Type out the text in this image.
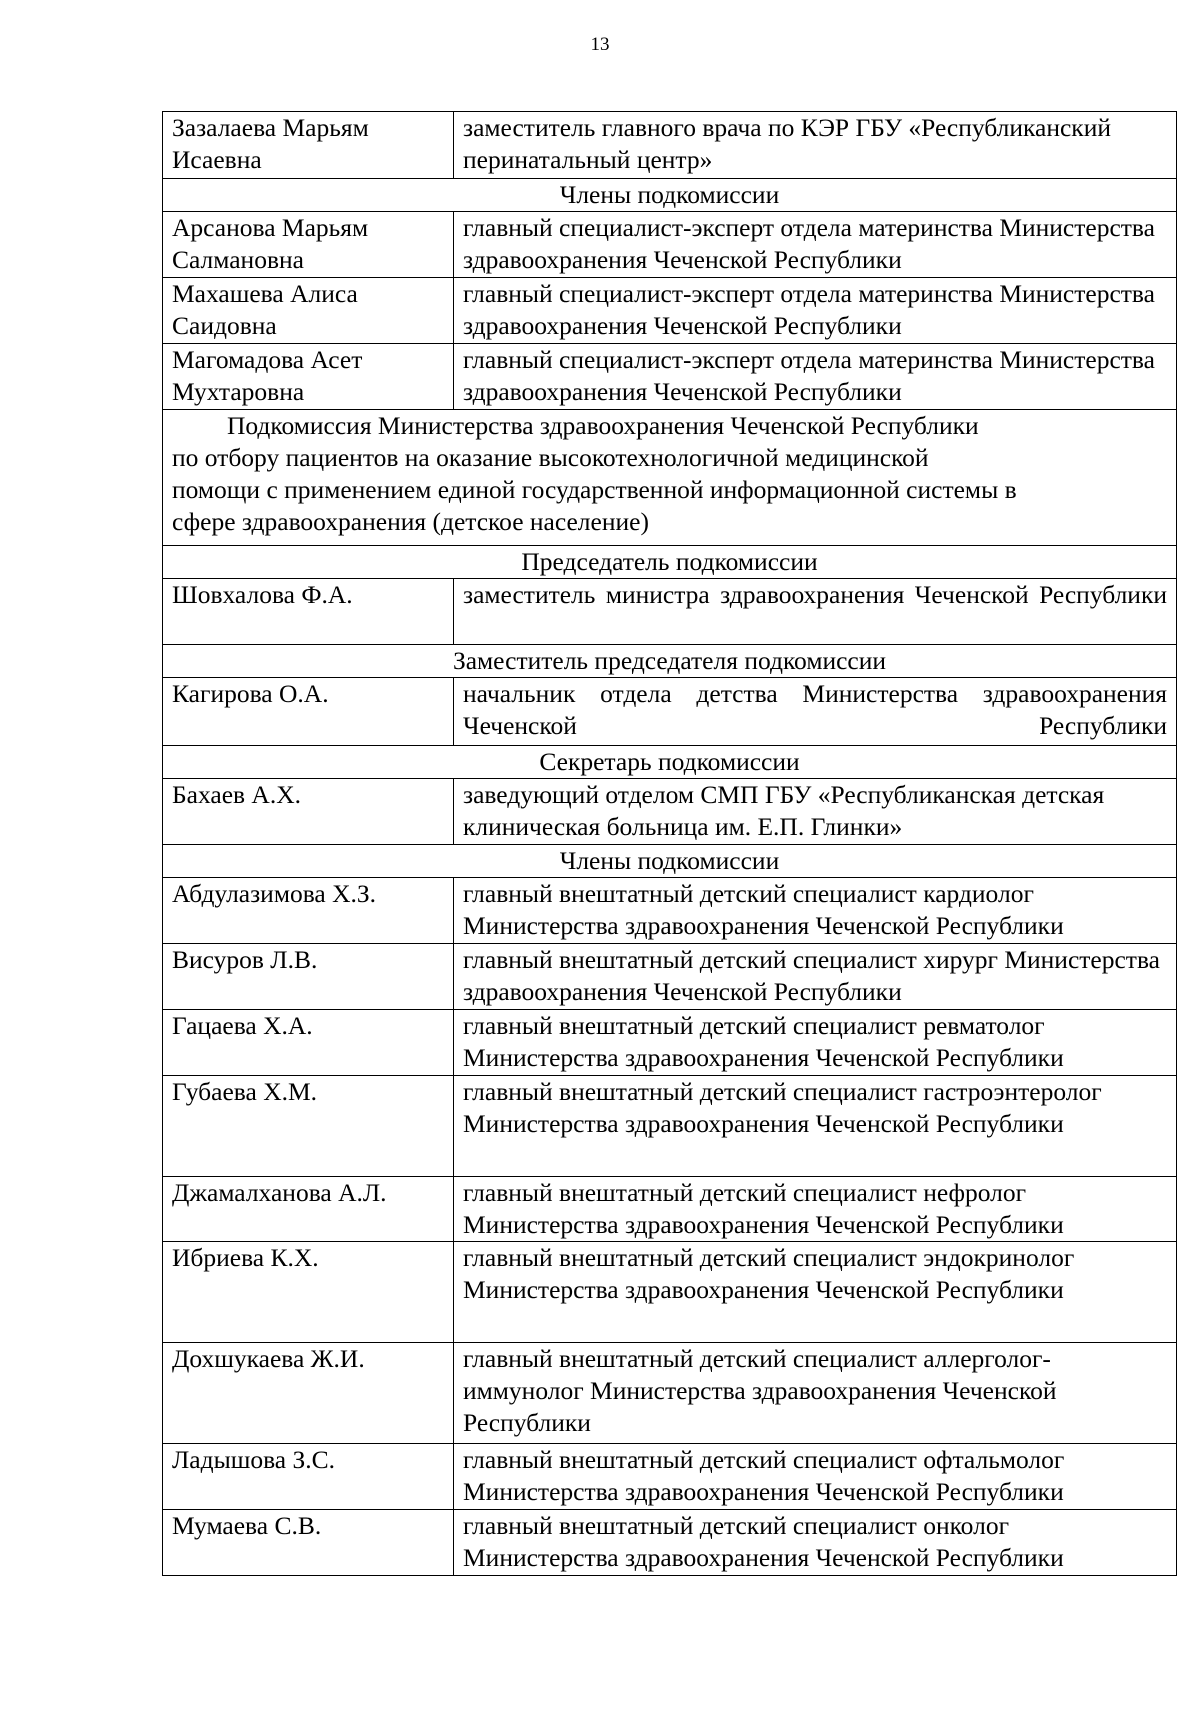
13
Зазалаева Марьям Исаевна	заместитель главного врача по КЭР ГБУ «Республиканский перинатальный центр»
Члены подкомиссии	
Арсанова Марьям Салмановна	главный специалист-эксперт отдела материнства Министерства здравоохранения Чеченской Республики
Махашева Алиса Саидовна	главный специалист-эксперт отдела материнства Министерства здравоохранения Чеченской Республики
Магомадова Асет Мухтаровна	главный специалист-эксперт отдела материнства Министерства здравоохранения Чеченской Республики

Подкомиссия Министерства здравоохранения Чеченской Республики
по отбору пациентов на оказание высокотехнологичной медицинской
помощи с применением единой государственной информационной системы в
сфере здравоохранения (детское население)	

Председатель подкомиссии	
Шовхалова Ф.А.	заместитель министра здравоохранения Чеченской Республики
Заместитель председателя подкомиссии	
Кагирова О.А.	начальник отдела детства Министерства здравоохранения Чеченской Республики
Секретарь подкомиссии	
Бахаев А.Х.	заведующий отделом СМП ГБУ «Республиканская детская клиническая больница им. Е.П. Глинки»
Члены подкомиссии	
Абдулазимова Х.З.	главный внештатный детский специалист кардиолог Министерства здравоохранения Чеченской Республики
Висуров Л.В.	главный внештатный детский специалист хирург Министерства здравоохранения Чеченской Республики
Гацаева Х.А.	главный внештатный детский специалист ревматолог Министерства здравоохранения Чеченской Республики
Губаева Х.М.	главный внештатный детский специалист гастроэнтеролог Министерства здравоохранения Чеченской Республики
Джамалханова А.Л.	главный внештатный детский специалист нефролог Министерства здравоохранения Чеченской Республики
Ибриева К.Х.	главный внештатный детский специалист эндокринолог Министерства здравоохранения Чеченской Республики
Дохшукаева Ж.И.	главный внештатный детский специалист аллерголог-иммунолог Министерства здравоохранения Чеченской Республики
Ладышова З.С.	главный внештатный детский специалист офтальмолог Министерства здравоохранения Чеченской Республики
Мумаева С.В.	главный внештатный детский специалист онколог Министерства здравоохранения Чеченской Республики
